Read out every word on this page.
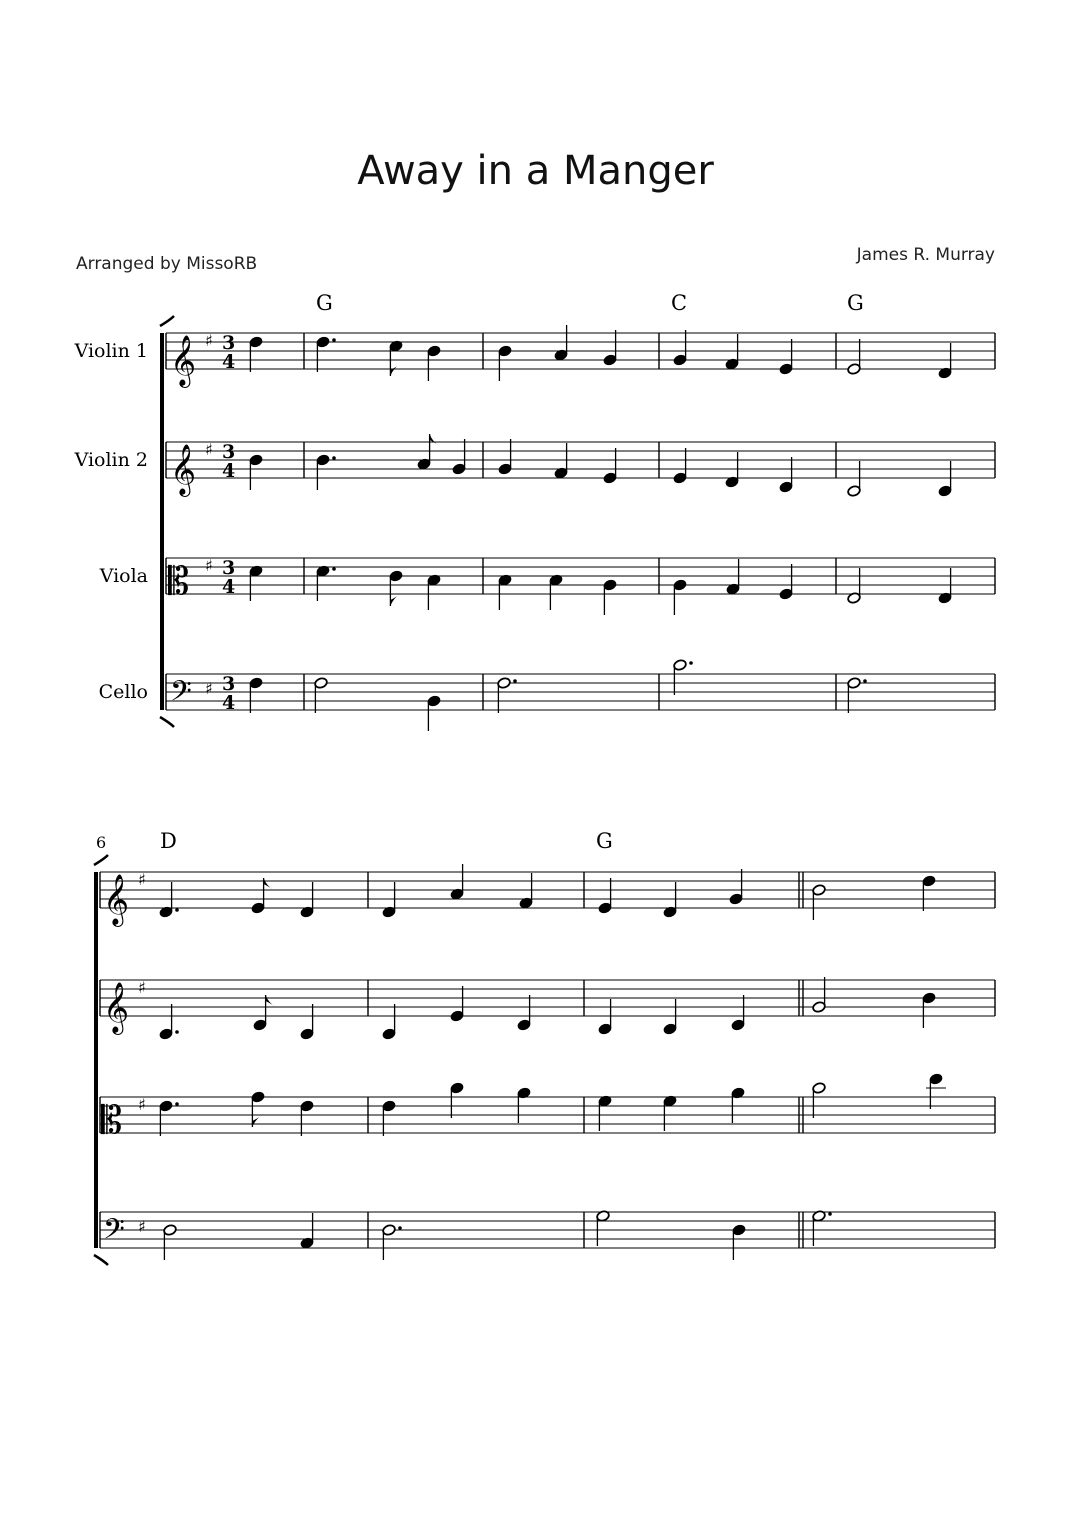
Away in a Manger
Arranged by MissoRB	James R. Murray
Violin 1
Violin 2
Viola
Cello
G	C	G
6	D	G
𝄞
𝄞
𝄡
𝄢
♯
♯
♯
♯
3
4
3
4
3
4
3
4
𝄞
𝄞
𝄡
𝄢
♯
♯
♯
♯
